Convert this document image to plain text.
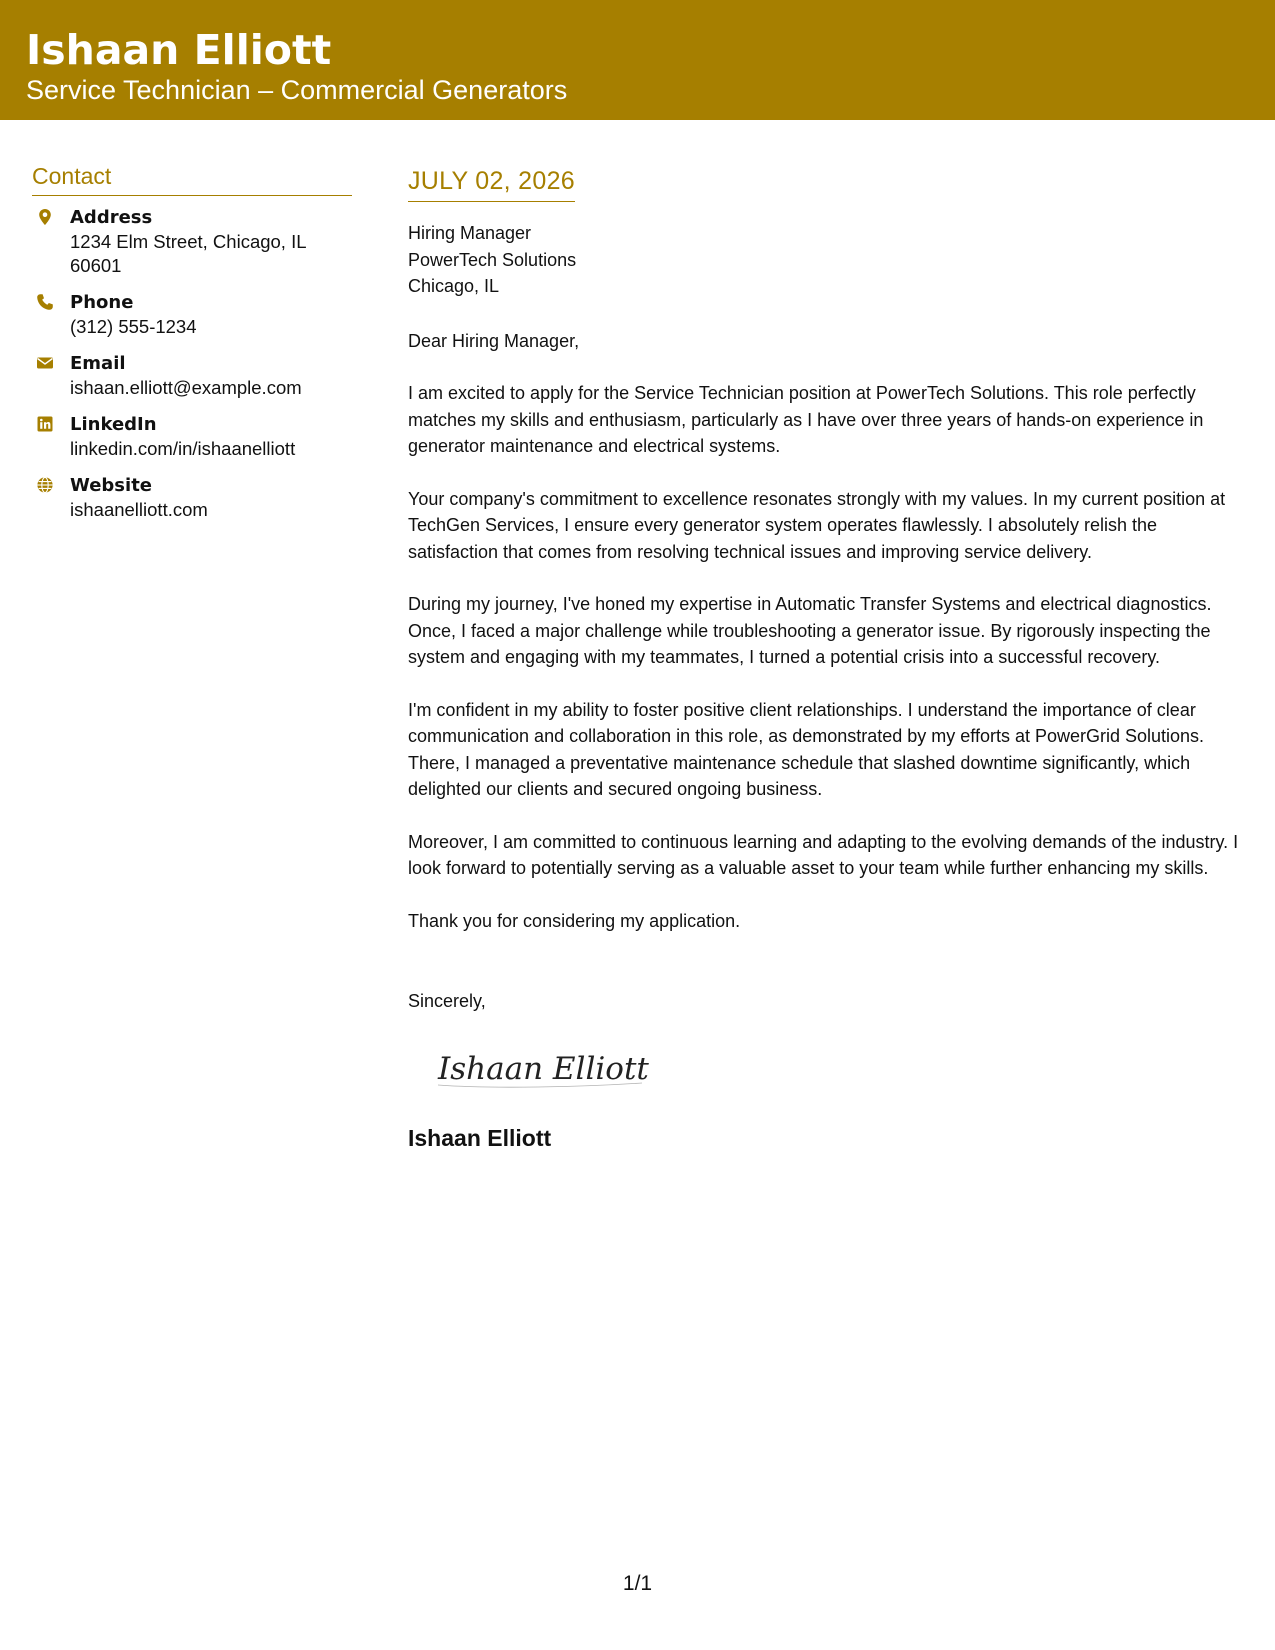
Ishaan Elliott
Service Technician – Commercial Generators
Contact
Address
1234 Elm Street, Chicago, IL 60601
Phone
(312) 555-1234
Email
ishaan.elliott@example.com
LinkedIn
linkedin.com/in/ishaanelliott
Website
ishaanelliott.com
JULY 02, 2026
Hiring Manager
PowerTech Solutions
Chicago, IL
Dear Hiring Manager,
I am excited to apply for the Service Technician position at PowerTech Solutions. This role perfectly matches my skills and enthusiasm, particularly as I have over three years of hands-on experience in generator maintenance and electrical systems.
Your company's commitment to excellence resonates strongly with my values. In my current position at TechGen Services, I ensure every generator system operates flawlessly. I absolutely relish the satisfaction that comes from resolving technical issues and improving service delivery.
During my journey, I've honed my expertise in Automatic Transfer Systems and electrical diagnostics. Once, I faced a major challenge while troubleshooting a generator issue. By rigorously inspecting the system and engaging with my teammates, I turned a potential crisis into a successful recovery.
I'm confident in my ability to foster positive client relationships. I understand the importance of clear communication and collaboration in this role, as demonstrated by my efforts at PowerGrid Solutions. There, I managed a preventative maintenance schedule that slashed downtime significantly, which delighted our clients and secured ongoing business.
Moreover, I am committed to continuous learning and adapting to the evolving demands of the industry. I look forward to potentially serving as a valuable asset to your team while further enhancing my skills.
Thank you for considering my application.
Sincerely,
Ishaan Elliott
Ishaan Elliott
1/1
